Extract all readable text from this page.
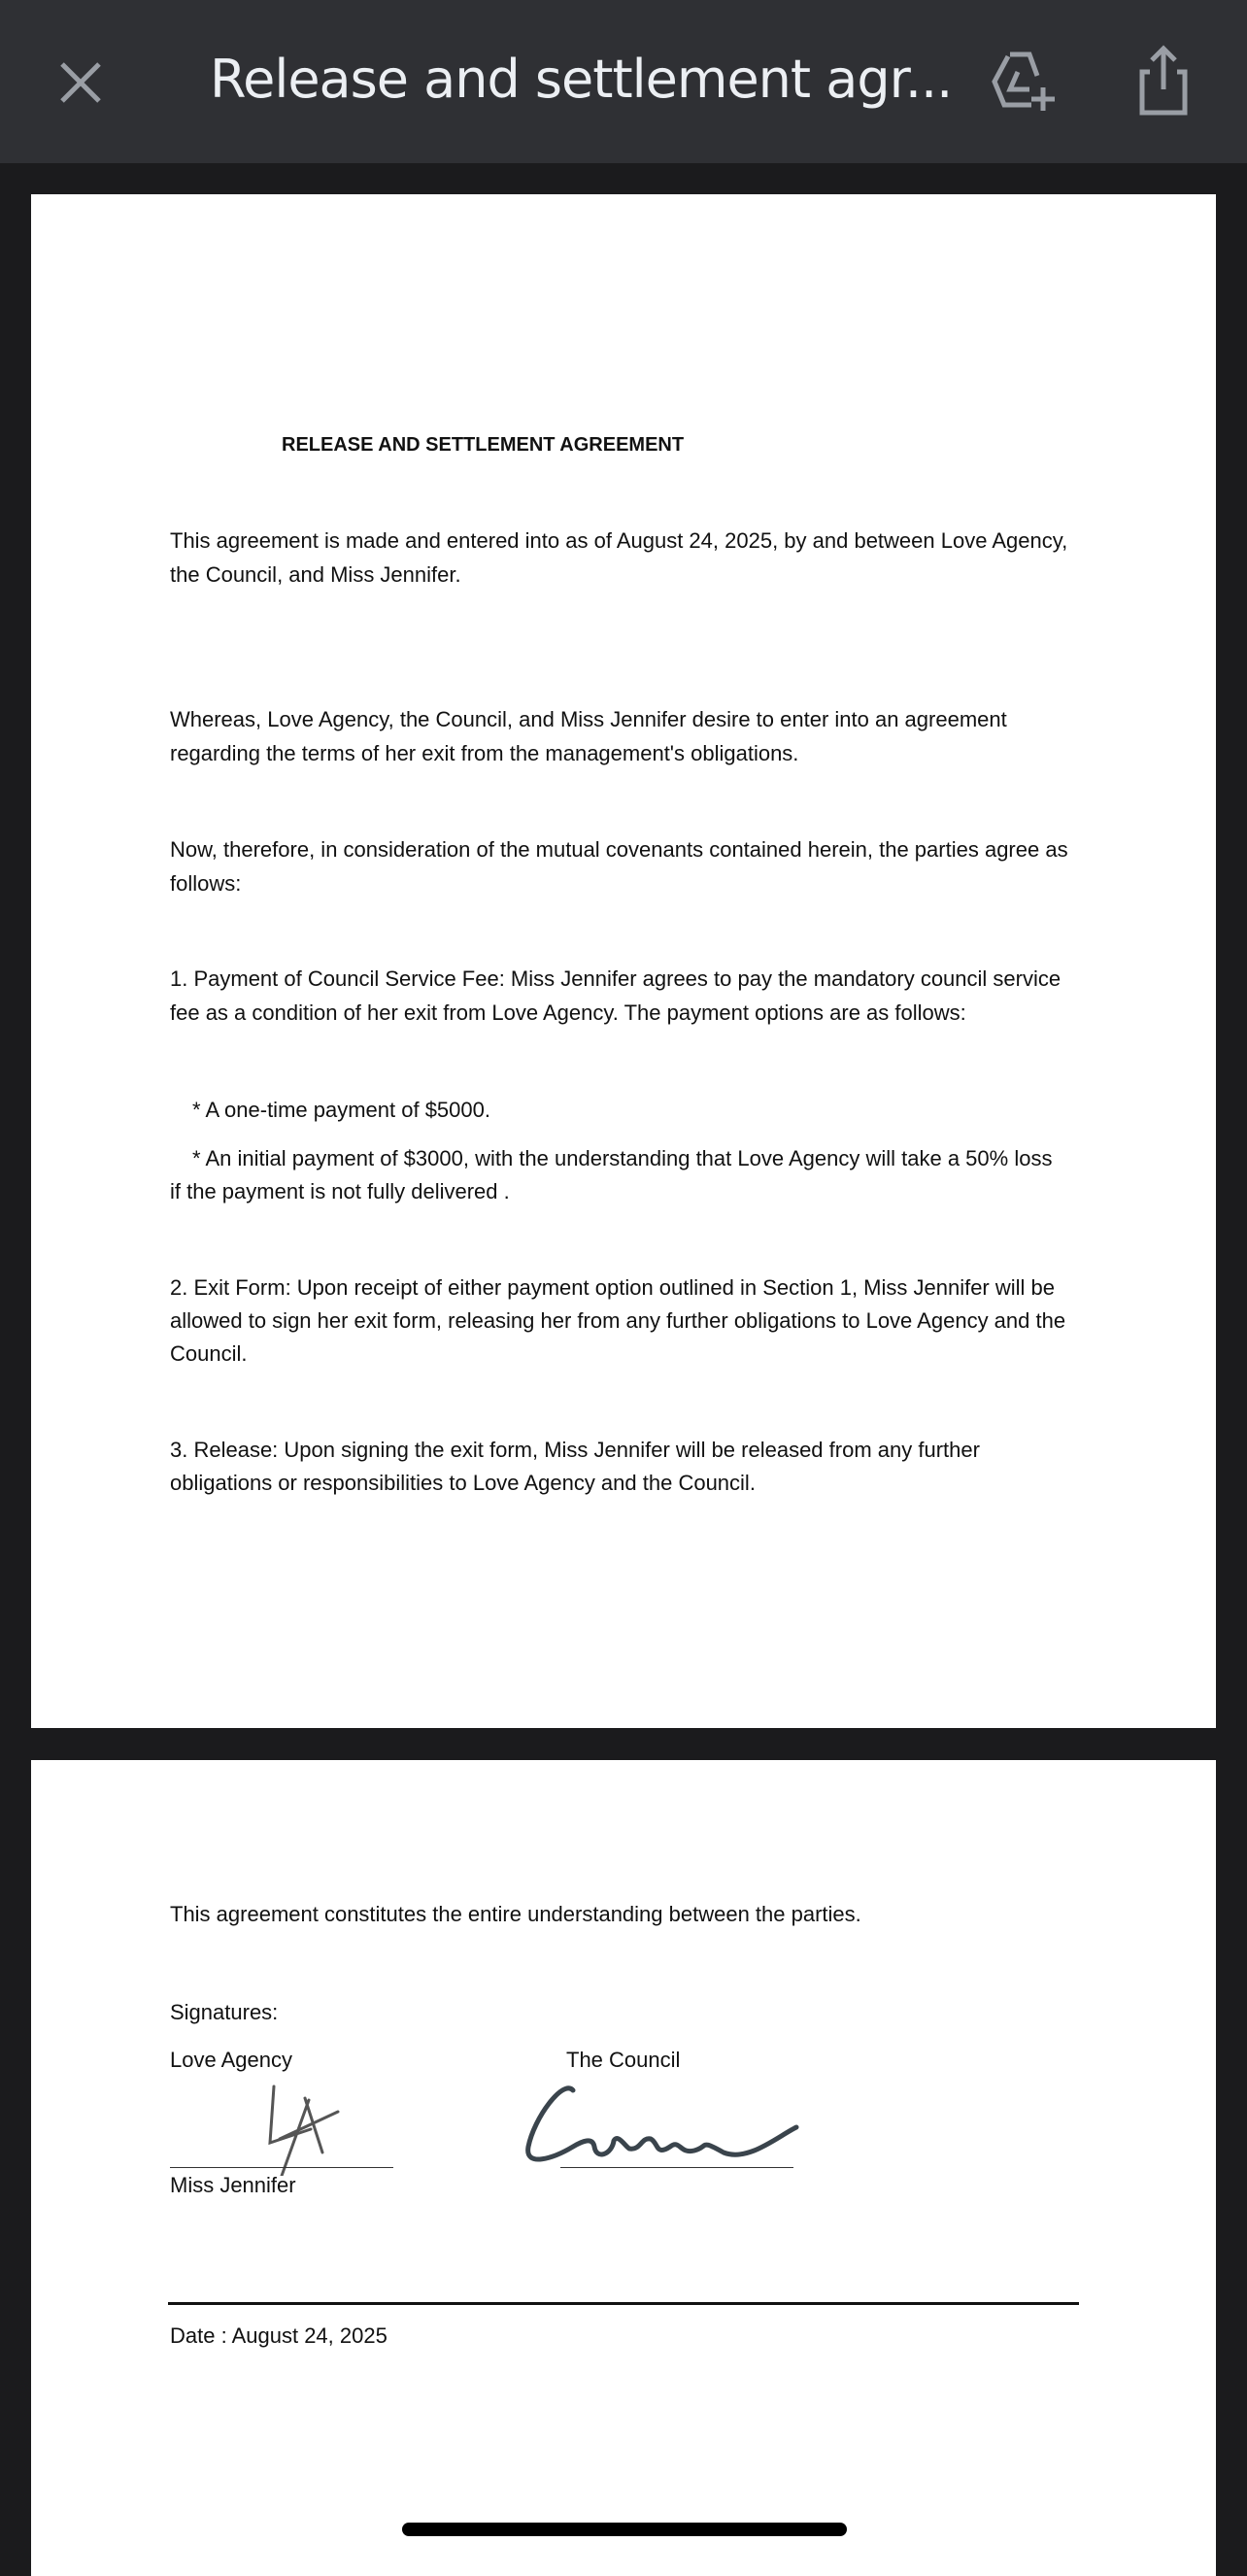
Release and settlement agr...
RELEASE AND SETTLEMENT AGREEMENT
This agreement is made and entered into as of August 24, 2025, by and between Love Agency,
the Council, and Miss Jennifer.
Whereas, Love Agency, the Council, and Miss Jennifer desire to enter into an agreement
regarding the terms of her exit from the management's obligations.
Now, therefore, in consideration of the mutual covenants contained herein, the parties agree as
follows:
1. Payment of Council Service Fee: Miss Jennifer agrees to pay the mandatory council service
fee as a condition of her exit from Love Agency. The payment options are as follows:
* A one-time payment of $5000.
* An initial payment of $3000, with the understanding that Love Agency will take a 50% loss
if the payment is not fully delivered .
2. Exit Form: Upon receipt of either payment option outlined in Section 1, Miss Jennifer will be
allowed to sign her exit form, releasing her from any further obligations to Love Agency and the
Council.
3. Release: Upon signing the exit form, Miss Jennifer will be released from any further
obligations or responsibilities to Love Agency and the Council.
This agreement constitutes the entire understanding between the parties.
Signatures:
Love Agency	The Council
Miss Jennifer
Date : August 24, 2025
